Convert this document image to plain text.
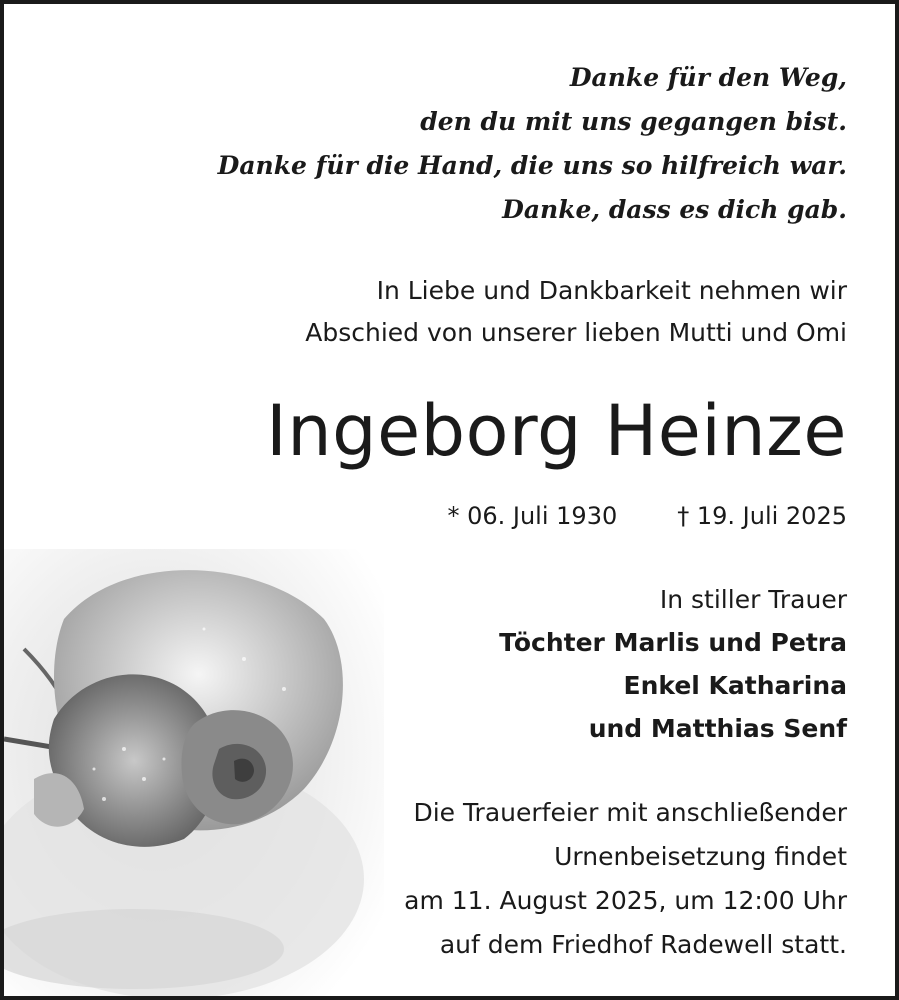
Danke für den Weg,
den du mit uns gegangen bist.
Danke für die Hand, die uns so hilfreich war.
Danke, dass es dich gab.
In Liebe und Dankbarkeit nehmen wir
Abschied von unserer lieben Mutti und Omi
Ingeborg Heinze
* 06. Juli 1930	† 19. Juli 2025
In stiller Trauer
Töchter Marlis und Petra
Enkel Katharina
und Matthias Senf
Die Trauerfeier mit anschließender
Urnenbeisetzung findet
am 11. August 2025, um 12:00 Uhr
auf dem Friedhof Radewell statt.
